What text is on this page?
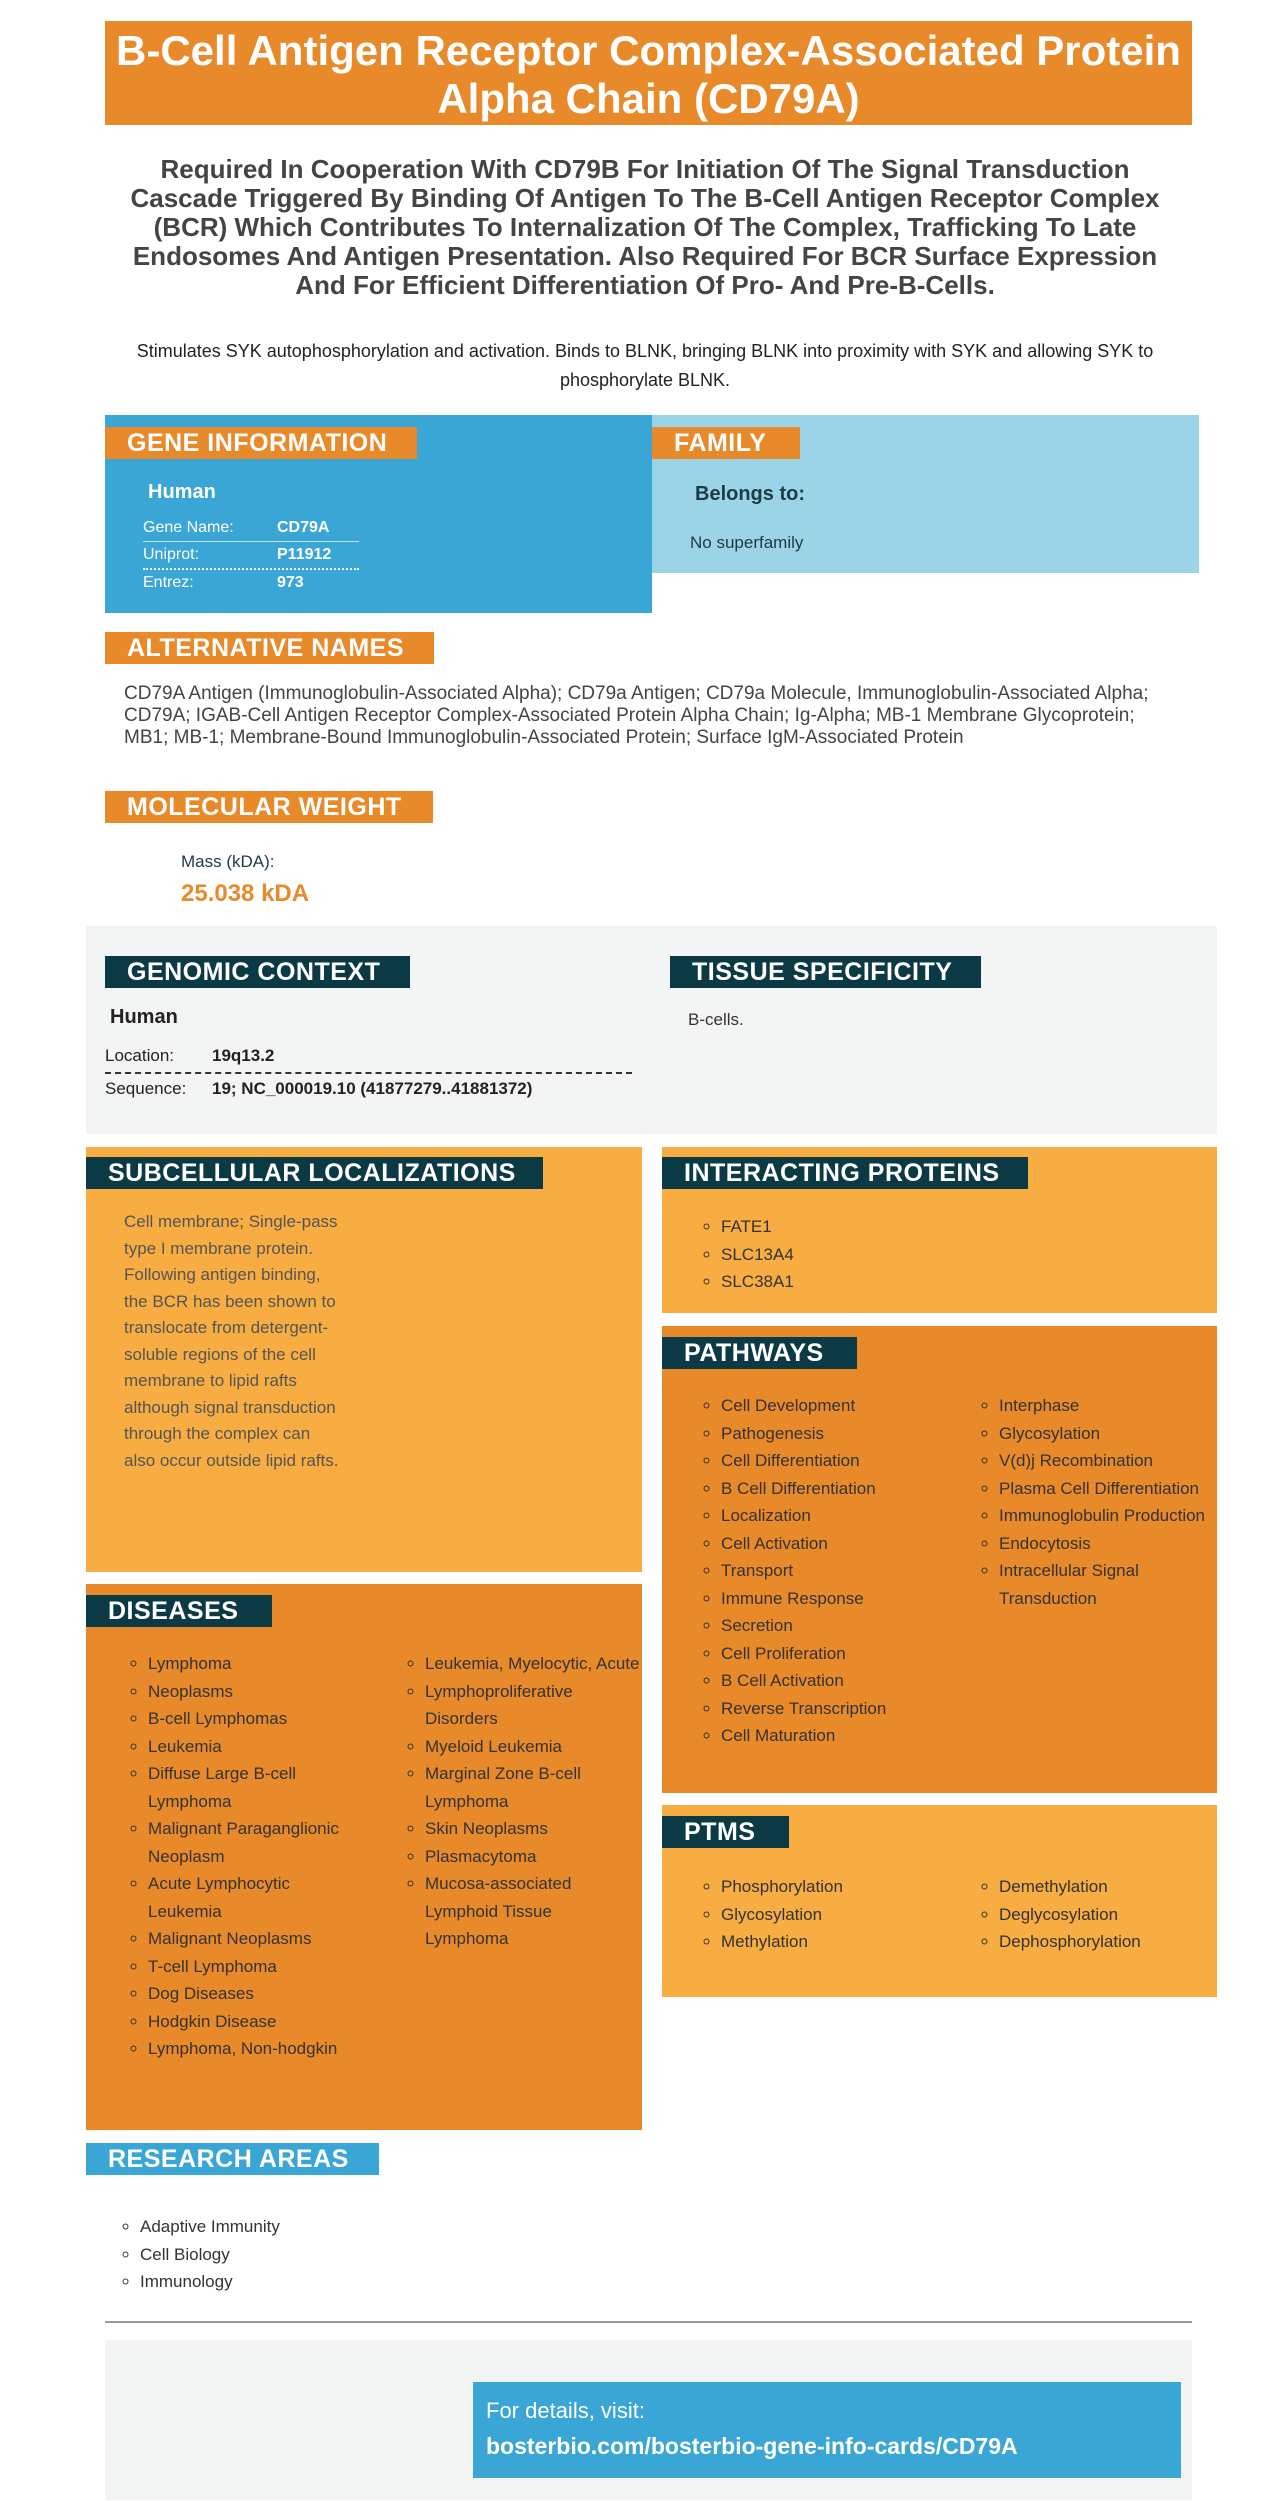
B-Cell Antigen Receptor Complex-Associated Protein Alpha Chain (CD79A)
Required In Cooperation With CD79B For Initiation Of The Signal Transduction Cascade Triggered By Binding Of Antigen To The B-Cell Antigen Receptor Complex (BCR) Which Contributes To Internalization Of The Complex, Trafficking To Late Endosomes And Antigen Presentation. Also Required For BCR Surface Expression And For Efficient Differentiation Of Pro- And Pre-B-Cells.
Stimulates SYK autophosphorylation and activation. Binds to BLNK, bringing BLNK into proximity with SYK and allowing SYK to phosphorylate BLNK.
GENE INFORMATION
Human
Gene Name:	CD79A
Uniprot:	P11912
Entrez:	973
FAMILY
Belongs to:
No superfamily
ALTERNATIVE NAMES
CD79A Antigen (Immunoglobulin-Associated Alpha); CD79a Antigen; CD79a Molecule, Immunoglobulin-Associated Alpha; CD79A; IGAB-Cell Antigen Receptor Complex-Associated Protein Alpha Chain; Ig-Alpha; MB-1 Membrane Glycoprotein; MB1; MB-1; Membrane-Bound Immunoglobulin-Associated Protein; Surface IgM-Associated Protein
MOLECULAR WEIGHT
Mass (kDA):
25.038 kDA
GENOMIC CONTEXT
Human
Location: 19q13.2
Sequence: 19; NC_000019.10 (41877279..41881372)
TISSUE SPECIFICITY
B-cells.
SUBCELLULAR LOCALIZATIONS
Cell membrane; Single-pass type I membrane protein. Following antigen binding, the BCR has been shown to translocate from detergent-soluble regions of the cell membrane to lipid rafts although signal transduction through the complex can also occur outside lipid rafts.
INTERACTING PROTEINS
◦ FATE1
◦ SLC13A4
◦ SLC38A1
PATHWAYS
◦ Cell Development
◦ Pathogenesis
◦ Cell Differentiation
◦ B Cell Differentiation
◦ Localization
◦ Cell Activation
◦ Transport
◦ Immune Response
◦ Secretion
◦ Cell Proliferation
◦ B Cell Activation
◦ Reverse Transcription
◦ Cell Maturation
◦ Interphase
◦ Glycosylation
◦ V(d)j Recombination
◦ Plasma Cell Differentiation
◦ Immunoglobulin Production
◦ Endocytosis
◦ Intracellular Signal Transduction
DISEASES
◦ Lymphoma
◦ Neoplasms
◦ B-cell Lymphomas
◦ Leukemia
◦ Diffuse Large B-cell Lymphoma
◦ Malignant Paraganglionic Neoplasm
◦ Acute Lymphocytic Leukemia
◦ Malignant Neoplasms
◦ T-cell Lymphoma
◦ Dog Diseases
◦ Hodgkin Disease
◦ Lymphoma, Non-hodgkin
◦ Leukemia, Myelocytic, Acute
◦ Lymphoproliferative Disorders
◦ Myeloid Leukemia
◦ Marginal Zone B-cell Lymphoma
◦ Skin Neoplasms
◦ Plasmacytoma
◦ Mucosa-associated Lymphoid Tissue Lymphoma
PTMS
◦ Phosphorylation
◦ Glycosylation
◦ Methylation
◦ Demethylation
◦ Deglycosylation
◦ Dephosphorylation
RESEARCH AREAS
◦ Adaptive Immunity
◦ Cell Biology
◦ Immunology
For details, visit:
bosterbio.com/bosterbio-gene-info-cards/CD79A
